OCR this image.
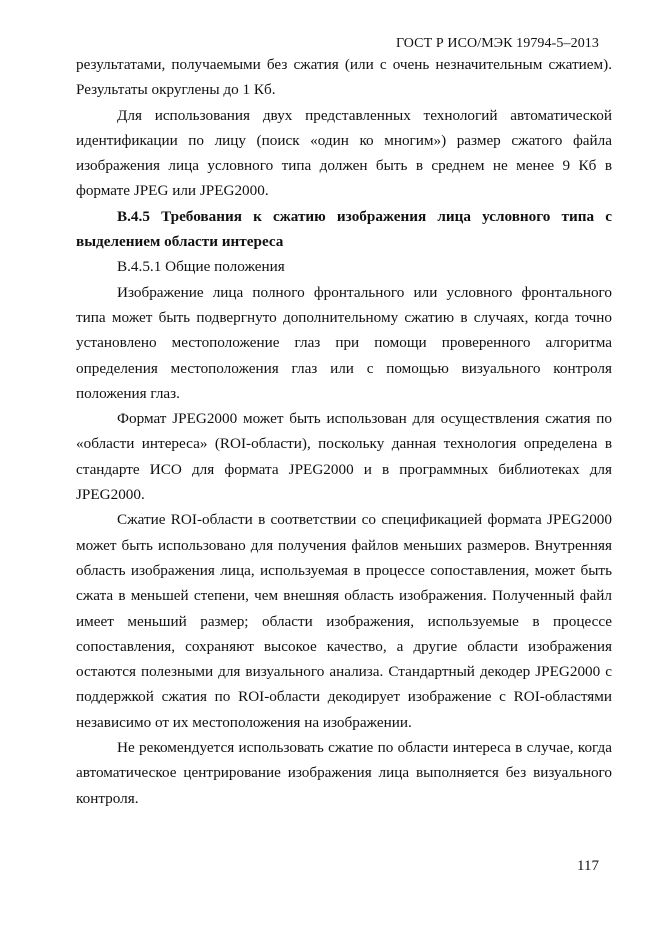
ГОСТ Р ИСО/МЭК 19794-5–2013

результатами, получаемыми без сжатия (или с очень незначительным сжатием). Результаты округлены до 1 Кб.

Для использования двух представленных технологий автоматической идентификации по лицу (поиск «один ко многим») размер сжатого файла изображения лица условного типа должен быть в среднем не менее 9 Кб в формате JPEG или JPEG2000.

В.4.5 Требования к сжатию изображения лица условного типа с выделением области интереса

В.4.5.1 Общие положения

Изображение лица полного фронтального или условного фронтального типа может быть подвергнуто дополнительному сжатию в случаях, когда точно установлено местоположение глаз при помощи проверенного алгоритма определения местоположения глаз или с помощью визуального контроля положения глаз.

Формат JPEG2000 может быть использован для осуществления сжатия по «области интереса» (ROI-области), поскольку данная технология определена в стандарте ИСО для формата JPEG2000 и в программных библиотеках для JPEG2000.

Сжатие ROI-области в соответствии со спецификацией формата JPEG2000 может быть использовано для получения файлов меньших размеров. Внутренняя область изображения лица, используемая в процессе сопоставления, может быть сжата в меньшей степени, чем внешняя область изображения. Полученный файл имеет меньший размер; области изображения, используемые в процессе сопоставления, сохраняют высокое качество, а другие области изображения остаются полезными для визуального анализа. Стандартный декодер JPEG2000 с поддержкой сжатия по ROI-области декодирует изображение с ROI-областями независимо от их местоположения на изображении.

Не рекомендуется использовать сжатие по области интереса в случае, когда автоматическое центрирование изображения лица выполняется без визуального контроля.

117
